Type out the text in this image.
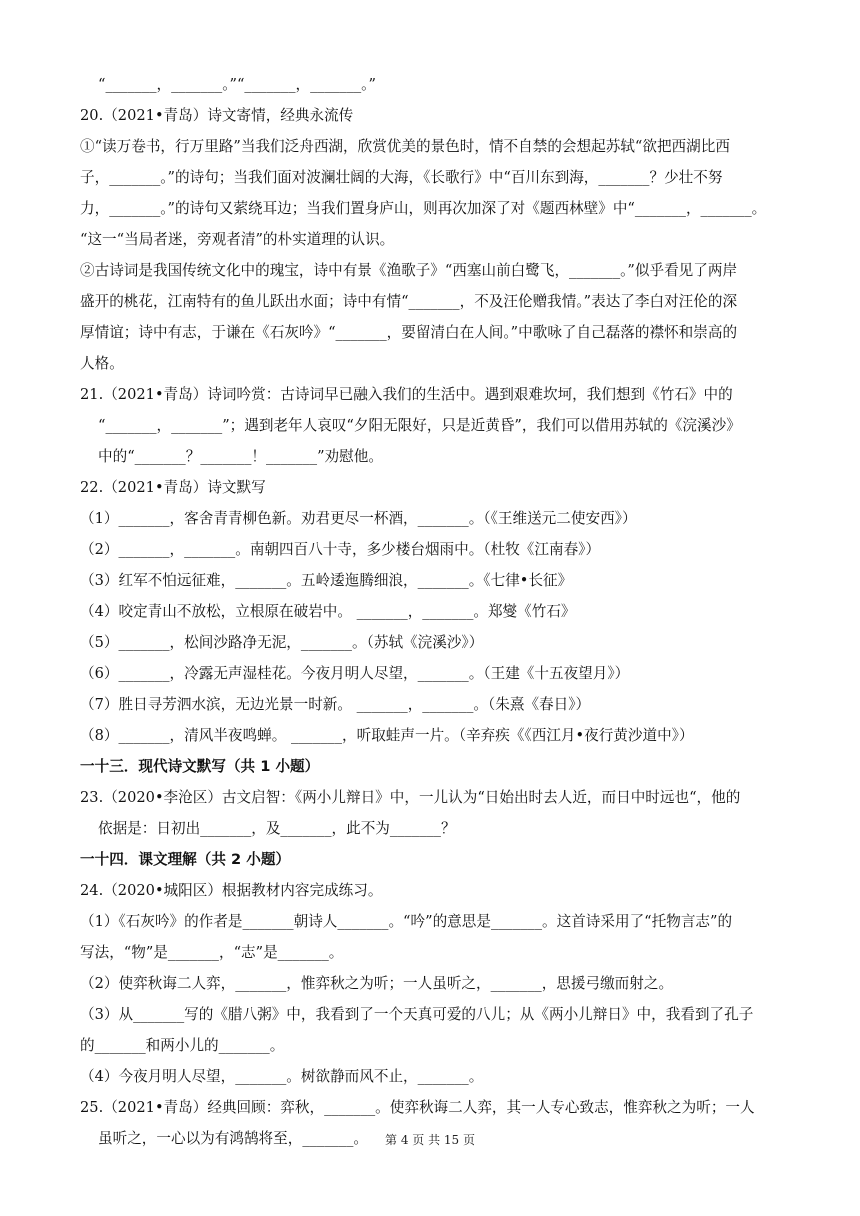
“_______，_______。”“_______，_______。”
20.（2021•青岛）诗文寄情，经典永流传
①“读万卷书，行万里路”当我们泛舟西湖，欣赏优美的景色时，情不自禁的会想起苏轼“欲把西湖比西
子，_______。”的诗句；当我们面对波澜壮阔的大海，《长歌行》中“百川东到海，_______？少壮不努
力，_______。”的诗句又萦绕耳边；当我们置身庐山，则再次加深了对《题西林壁》中“_______，_______。
“这一“当局者迷，旁观者清”的朴实道理的认识。
②古诗词是我国传统文化中的瑰宝，诗中有景《渔歌子》“西塞山前白鹭飞，_______。”似乎看见了两岸
盛开的桃花，江南特有的鱼儿跃出水面；诗中有情“_______，不及汪伦赠我情。”表达了李白对汪伦的深
厚情谊；诗中有志，于谦在《石灰吟》“_______，要留清白在人间。”中歌咏了自己磊落的襟怀和崇高的
人格。
21.（2021•青岛）诗词吟赏：古诗词早已融入我们的生活中。遇到艰难坎坷，我们想到《竹石》中的
“_______，_______”；遇到老年人哀叹“夕阳无限好，只是近黄昏”，我们可以借用苏轼的《浣溪沙》
中的“_______？_______！_______”劝慰他。
22.（2021•青岛）诗文默写
（1）_______，客舍青青柳色新。劝君更尽一杯酒，_______。（《王维送元二使安西》）
（2）_______，_______。南朝四百八十寺，多少楼台烟雨中。（杜牧《江南春》）
（3）红军不怕远征难，_______。五岭逶迤腾细浪，_______。《七律•长征》
（4）咬定青山不放松，立根原在破岩中。 _______，_______。郑燮《竹石》
（5）_______，松间沙路净无泥，_______。（苏轼《浣溪沙》）
（6）_______，冷露无声湿桂花。今夜月明人尽望，_______。（王建《十五夜望月》）
（7）胜日寻芳泗水滨，无边光景一时新。 _______，_______。（朱熹《春日》）
（8）_______，清风半夜鸣蝉。 _______，听取蛙声一片。（辛弃疾《《西江月•夜行黄沙道中》）
一十三．现代诗文默写（共 1 小题）
23.（2020•李沧区）古文启智：《两小儿辩日》中，一儿认为“日始出时去人近，而日中时远也“，他的
依据是：日初出_______，及_______，此不为_______？
一十四．课文理解（共 2 小题）
24.（2020•城阳区）根据教材内容完成练习。
（1）《石灰吟》的作者是_______朝诗人_______。“吟”的意思是_______。这首诗采用了“托物言志”的
写法，“物”是_______，“志”是_______。
（2）使弈秋诲二人弈，_______，惟弈秋之为听；一人虽听之，_______，思援弓缴而射之。
（3）从_______写的《腊八粥》中，我看到了一个天真可爱的八儿；从《两小儿辩日》中，我看到了孔子
的_______和两小儿的_______。
（4）今夜月明人尽望，_______。树欲静而风不止，_______。
25.（2021•青岛）经典回顾：弈秋，_______。使弈秋诲二人弈，其一人专心致志，惟弈秋之为听；一人
虽听之，一心以为有鸿鹄将至，_______。	第 4 页 共 15 页
